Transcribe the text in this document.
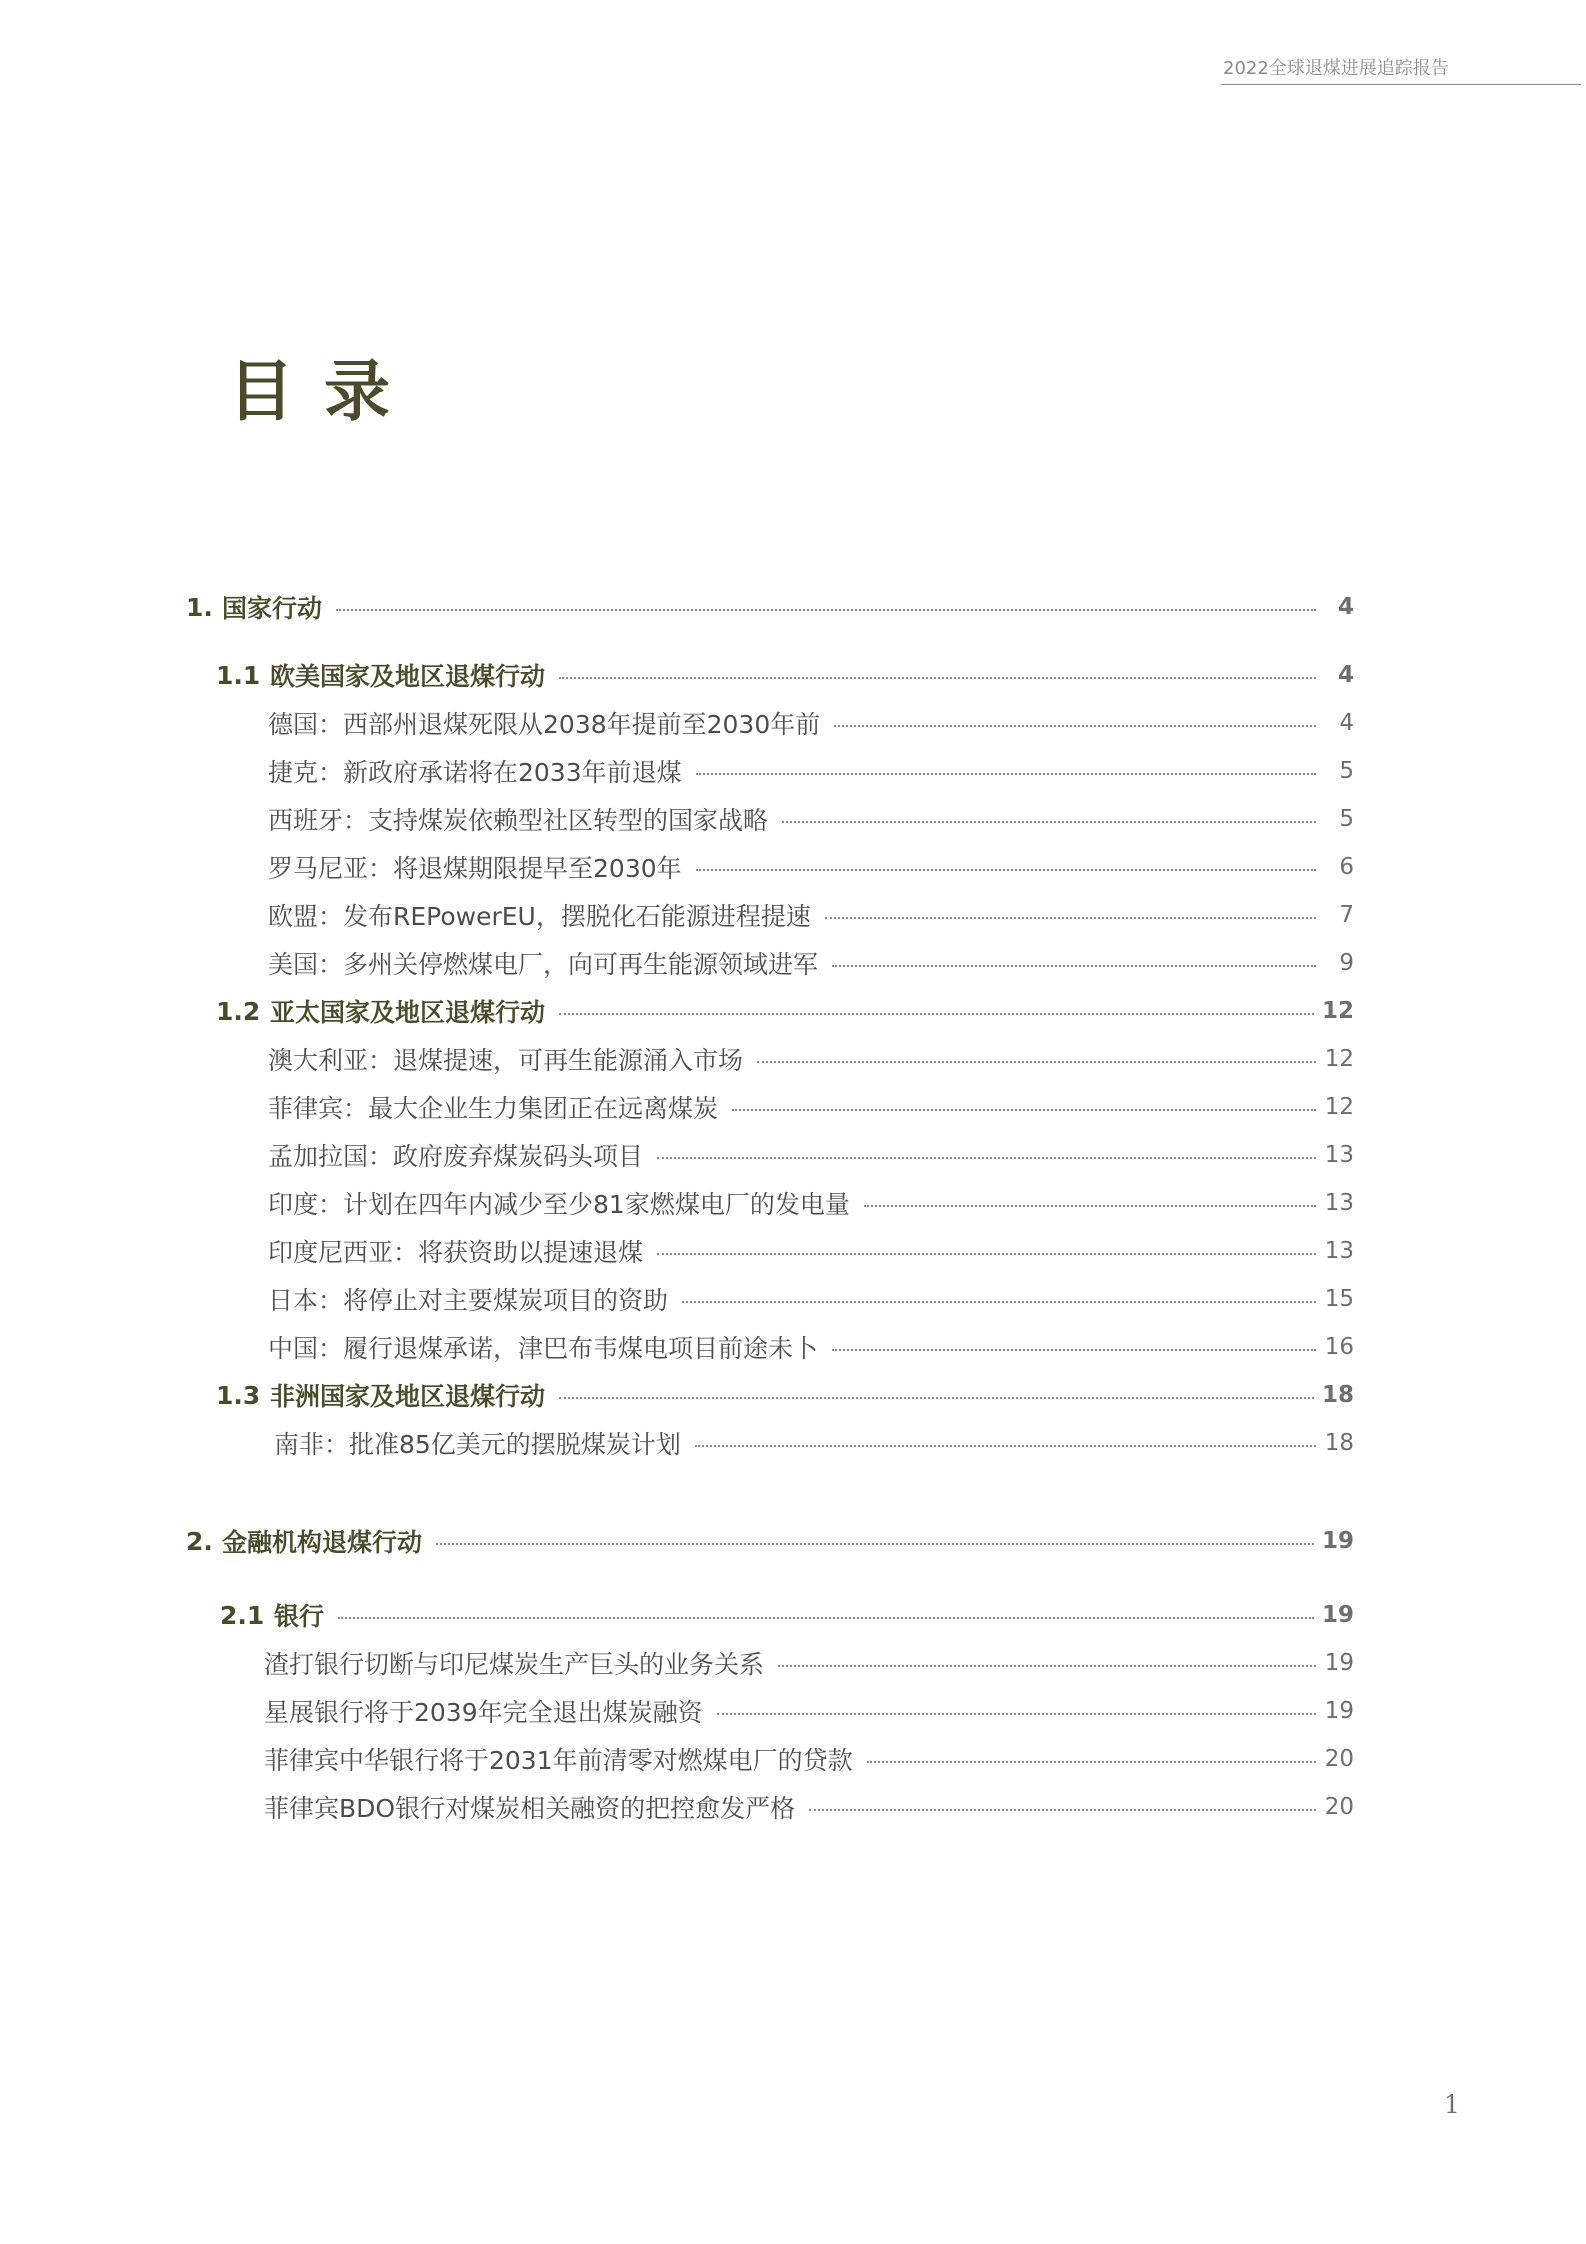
2022全球退煤进展追踪报告
目录
1. 国家行动	4
1.1 欧美国家及地区退煤行动	4
德国：西部州退煤死限从2038年提前至2030年前	4
捷克：新政府承诺将在2033年前退煤	5
西班牙：支持煤炭依赖型社区转型的国家战略	5
罗马尼亚：将退煤期限提早至2030年	6
欧盟：发布REPowerEU，摆脱化石能源进程提速	7
美国：多州关停燃煤电厂，向可再生能源领域进军	9
1.2 亚太国家及地区退煤行动	12
澳大利亚：退煤提速，可再生能源涌入市场	12
菲律宾：最大企业生力集团正在远离煤炭	12
孟加拉国：政府废弃煤炭码头项目	13
印度：计划在四年内减少至少81家燃煤电厂的发电量	13
印度尼西亚：将获资助以提速退煤	13
日本：将停止对主要煤炭项目的资助	15
中国：履行退煤承诺，津巴布韦煤电项目前途未卜	16
1.3 非洲国家及地区退煤行动	18
南非：批准85亿美元的摆脱煤炭计划	18
2. 金融机构退煤行动	19
2.1 银行	19
渣打银行切断与印尼煤炭生产巨头的业务关系	19
星展银行将于2039年完全退出煤炭融资	19
菲律宾中华银行将于2031年前清零对燃煤电厂的贷款	20
菲律宾BDO银行对煤炭相关融资的把控愈发严格	20
1
